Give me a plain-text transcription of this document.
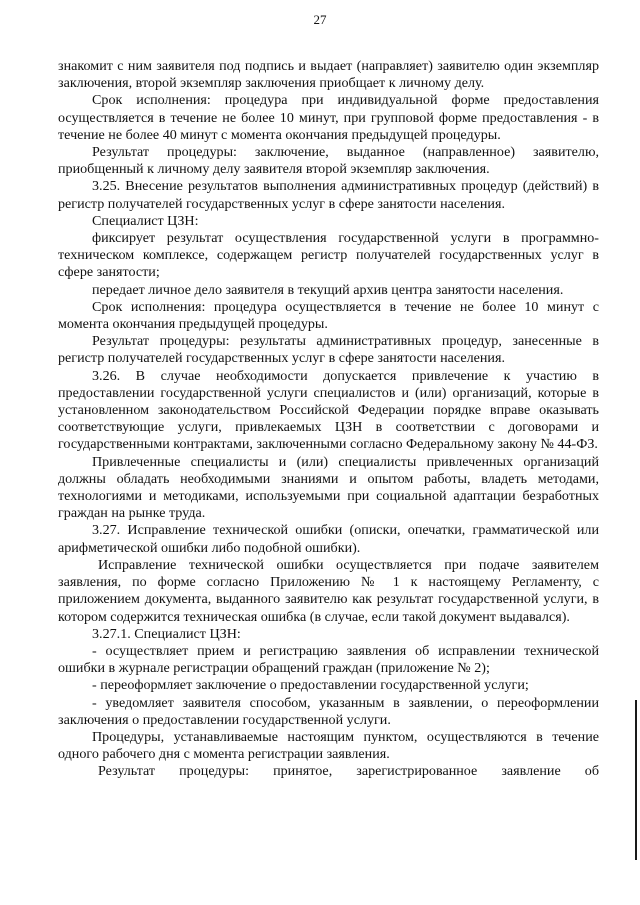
27

знакомит с ним заявителя под подпись и выдает (направляет) заявителю один экземпляр заключения, второй экземпляр заключения приобщает к личному делу.

Срок исполнения: процедура при индивидуальной форме предоставления осуществляется в течение не более 10 минут, при групповой форме предоставления - в течение не более 40 минут с момента окончания предыдущей процедуры.

Результат процедуры: заключение, выданное (направленное) заявителю, приобщенный к личному делу заявителя второй экземпляр заключения.

3.25. Внесение результатов выполнения административных процедур (действий) в регистр получателей государственных услуг в сфере занятости населения.

Специалист ЦЗН:

фиксирует результат осуществления государственной услуги в программно-техническом комплексе, содержащем регистр получателей государственных услуг в сфере занятости;

передает личное дело заявителя в текущий архив центра занятости населения.

Срок исполнения: процедура осуществляется в течение не более 10 минут с момента окончания предыдущей процедуры.

Результат процедуры: результаты административных процедур, занесенные в регистр получателей государственных услуг в сфере занятости населения.

3.26. В случае необходимости допускается привлечение к участию в предоставлении государственной услуги специалистов и (или) организаций, которые в установленном законодательством Российской Федерации порядке вправе оказывать соответствующие услуги, привлекаемых ЦЗН в соответствии с договорами и государственными контрактами, заключенными согласно Федеральному закону № 44-ФЗ.

Привлеченные специалисты и (или) специалисты привлеченных организаций должны обладать необходимыми знаниями и опытом работы, владеть методами, технологиями и методиками, используемыми при социальной адаптации безработных граждан на рынке труда.

3.27. Исправление технической ошибки (описки, опечатки, грамматической или арифметической ошибки либо подобной ошибки).

Исправление технической ошибки осуществляется при подаче заявителем заявления, по форме согласно Приложению № 1 к настоящему Регламенту, с приложением документа, выданного заявителю как результат государственной услуги, в котором содержится техническая ошибка (в случае, если такой документ выдавался).

3.27.1. Специалист ЦЗН:

- осуществляет прием и регистрацию заявления об исправлении технической ошибки в журнале регистрации обращений граждан (приложение № 2);

- переоформляет заключение о предоставлении государственной услуги;

- уведомляет заявителя способом, указанным в заявлении, о переоформлении заключения о предоставлении государственной услуги.

Процедуры, устанавливаемые настоящим пунктом, осуществляются в течение одного рабочего дня с момента регистрации заявления.

Результат процедуры: принятое, зарегистрированное заявление об
